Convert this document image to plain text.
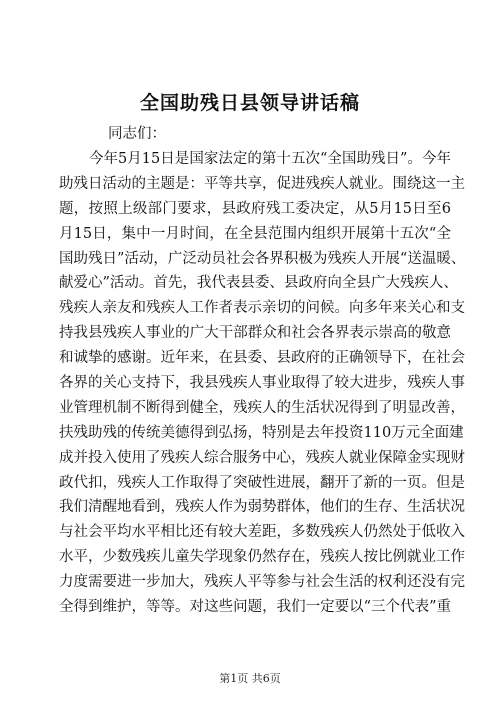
全国助残日县领导讲话稿
同志们：
今年5月15日是国家法定的第十五次“全国助残日”。今年
助残日活动的主题是：平等共享，促进残疾人就业。围绕这一主
题，按照上级部门要求，县政府残工委决定，从5月15日至6
月15日，集中一月时间，在全县范围内组织开展第十五次“全
国助残日”活动，广泛动员社会各界积极为残疾人开展“送温暖、
献爱心”活动。首先，我代表县委、县政府向全县广大残疾人、
残疾人亲友和残疾人工作者表示亲切的问候。向多年来关心和支
持我县残疾人事业的广大干部群众和社会各界表示崇高的敬意
和诚挚的感谢。近年来，在县委、县政府的正确领导下，在社会
各界的关心支持下，我县残疾人事业取得了较大进步，残疾人事
业管理机制不断得到健全，残疾人的生活状况得到了明显改善，
扶残助残的传统美德得到弘扬，特别是去年投资110万元全面建
成并投入使用了残疾人综合服务中心，残疾人就业保障金实现财
政代扣，残疾人工作取得了突破性进展，翻开了新的一页。但是
我们清醒地看到，残疾人作为弱势群体，他们的生存、生活状况
与社会平均水平相比还有较大差距，多数残疾人仍然处于低收入
水平，少数残疾儿童失学现象仍然存在，残疾人按比例就业工作
力度需要进一步加大，残疾人平等参与社会生活的权利还没有完
全得到维护，等等。对这些问题，我们一定要以“三个代表”重
第1页 共6页
